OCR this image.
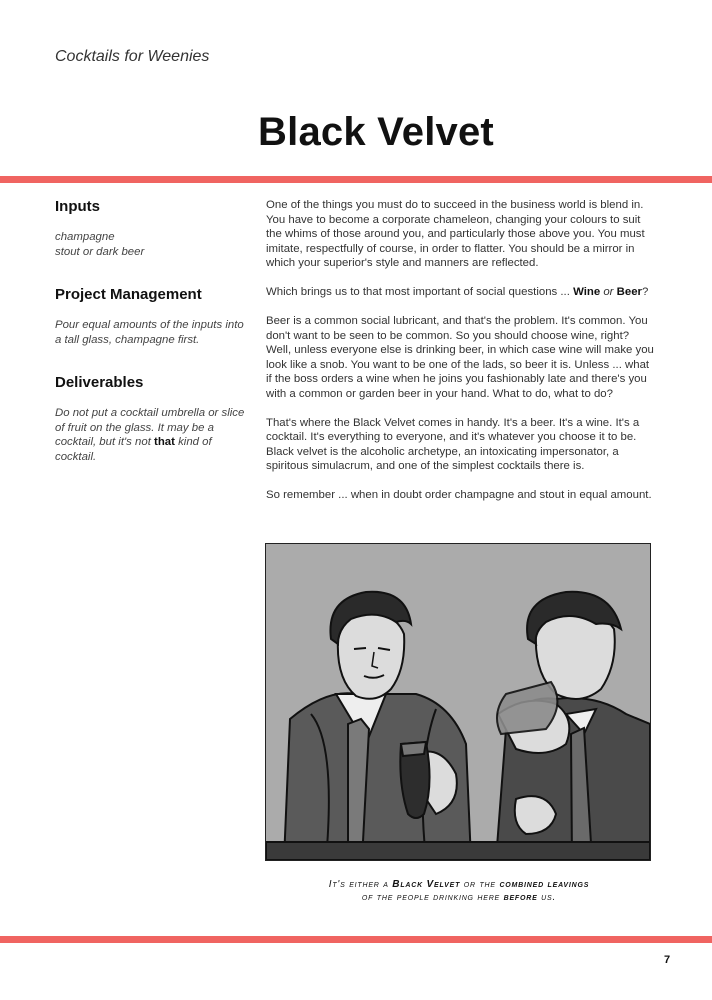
Cocktails for Weenies
Black Velvet
Inputs
champagne
stout or dark beer
Project Management
Pour equal amounts of the inputs into a tall glass, champagne first.
Deliverables
Do not put a cocktail umbrella or slice of fruit on the glass. It may be a cocktail, but it's not that kind of cocktail.

One of the things you must do to succeed in the business world is blend in. You have to become a corporate chameleon, changing your colours to suit the whims of those around you, and particularly those above you. You must imitate, respectfully of course, in order to flatter. You should be a mirror in which your superior's style and manners are reflected.

Which brings us to that most important of social questions ... Wine or Beer?

Beer is a common social lubricant, and that's the problem. It's common. You don't want to be seen to be common. So you should choose wine, right? Well, unless everyone else is drinking beer, in which case wine will make you look like a snob. You want to be one of the lads, so beer it is. Unless ... what if the boss orders a wine when he joins you fashionably late and there's you with a common or garden beer in your hand. What to do, what to do?

That's where the Black Velvet comes in handy. It's a beer. It's a wine. It's a cocktail. It's everything to everyone, and it's whatever you choose it to be. Black velvet is the alcoholic archetype, an intoxicating impersonator, a spiritous simulacrum, and one of the simplest cocktails there is.

So remember ... when in doubt order champagne and stout in equal amount.

It's either a Black Velvet or the combined leavings
of the people drinking here before us.
7
